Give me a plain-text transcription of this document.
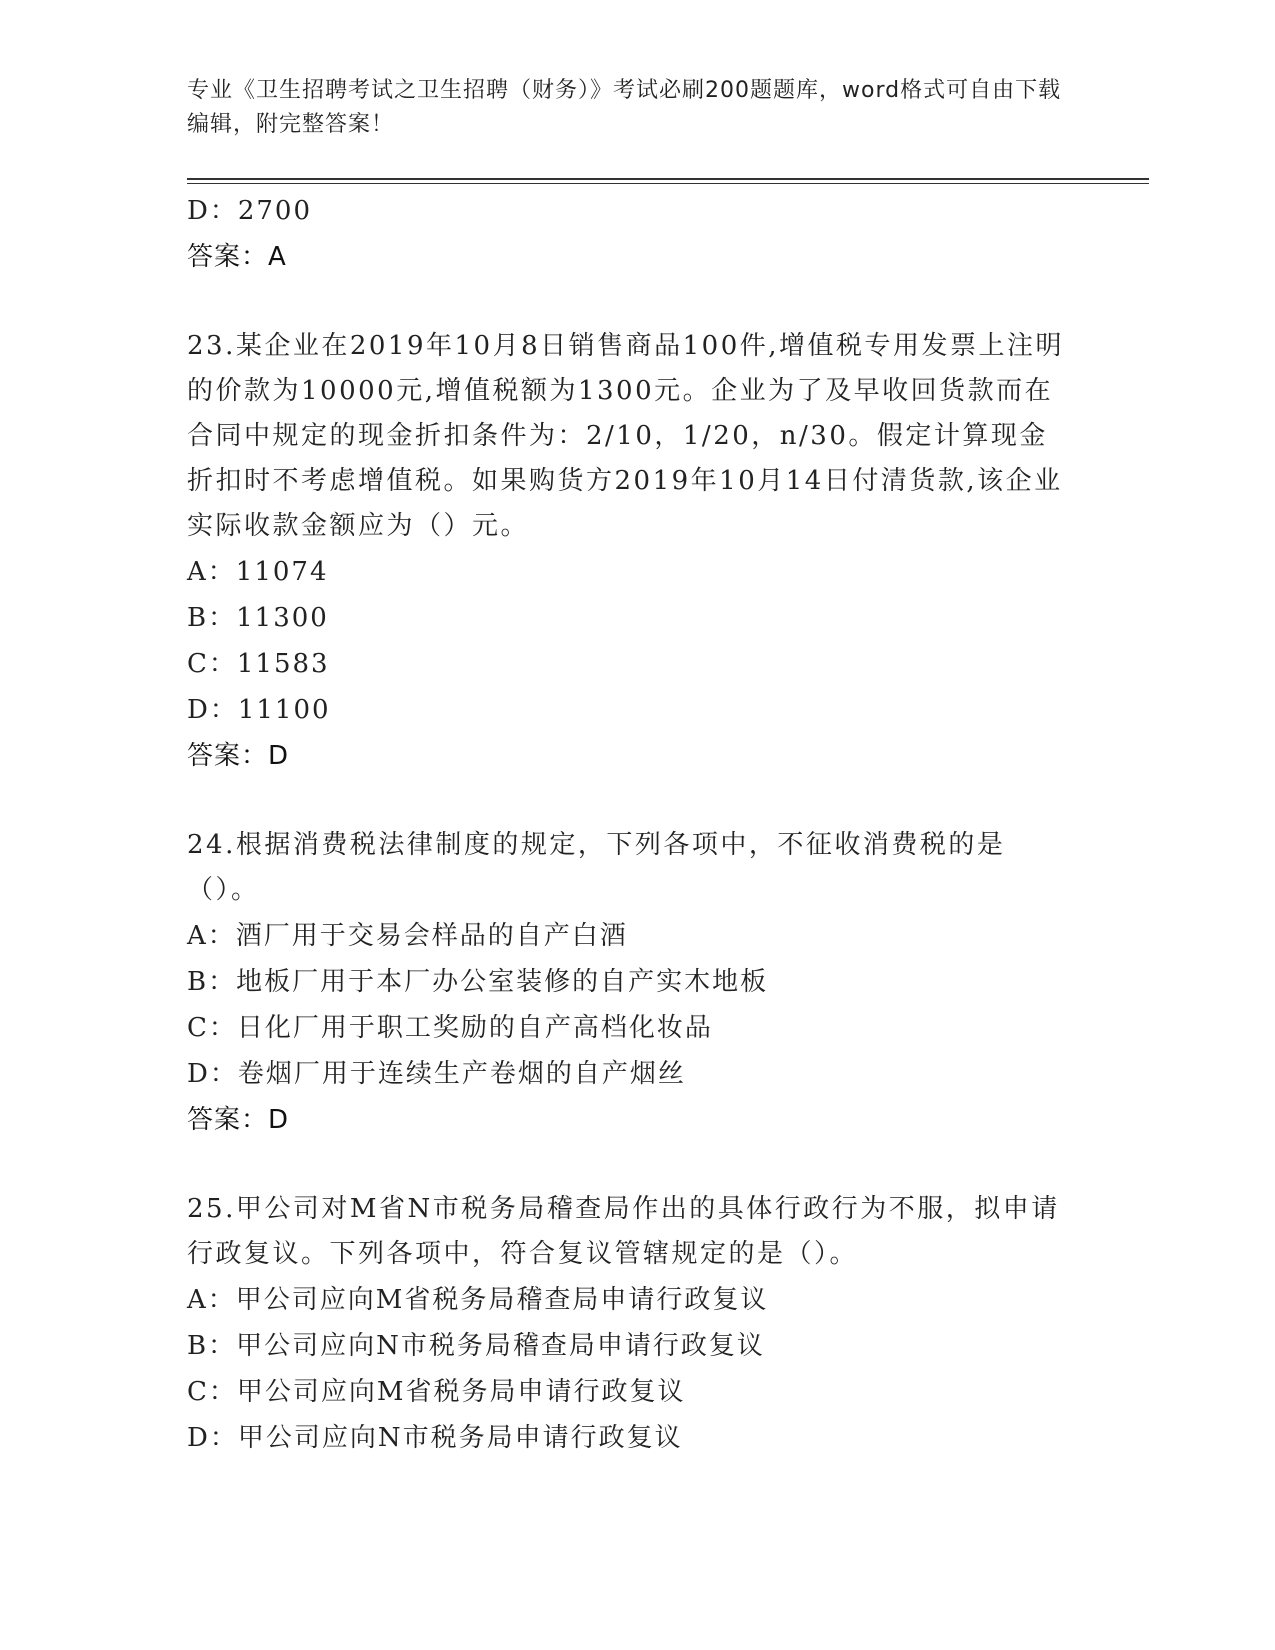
专业《卫生招聘考试之卫生招聘（财务）》考试必刷200题题库，word格式可自由下载编辑，附完整答案！
D：2700
答案：A
23.某企业在2019年10月8日销售商品100件,增值税专用发票上注明的价款为10000元,增值税额为1300元。企业为了及早收回货款而在合同中规定的现金折扣条件为：2/10，1/20，n/30。假定计算现金折扣时不考虑增值税。如果购货方2019年10月14日付清货款,该企业实际收款金额应为（）元。
A：11074
B：11300
C：11583
D：11100
答案：D
24.根据消费税法律制度的规定，下列各项中，不征收消费税的是（）。
A：酒厂用于交易会样品的自产白酒
B：地板厂用于本厂办公室装修的自产实木地板
C：日化厂用于职工奖励的自产高档化妆品
D：卷烟厂用于连续生产卷烟的自产烟丝
答案：D
25.甲公司对M省N市税务局稽查局作出的具体行政行为不服，拟申请行政复议。下列各项中，符合复议管辖规定的是（）。
A：甲公司应向M省税务局稽查局申请行政复议
B：甲公司应向N市税务局稽查局申请行政复议
C：甲公司应向M省税务局申请行政复议
D：甲公司应向N市税务局申请行政复议
